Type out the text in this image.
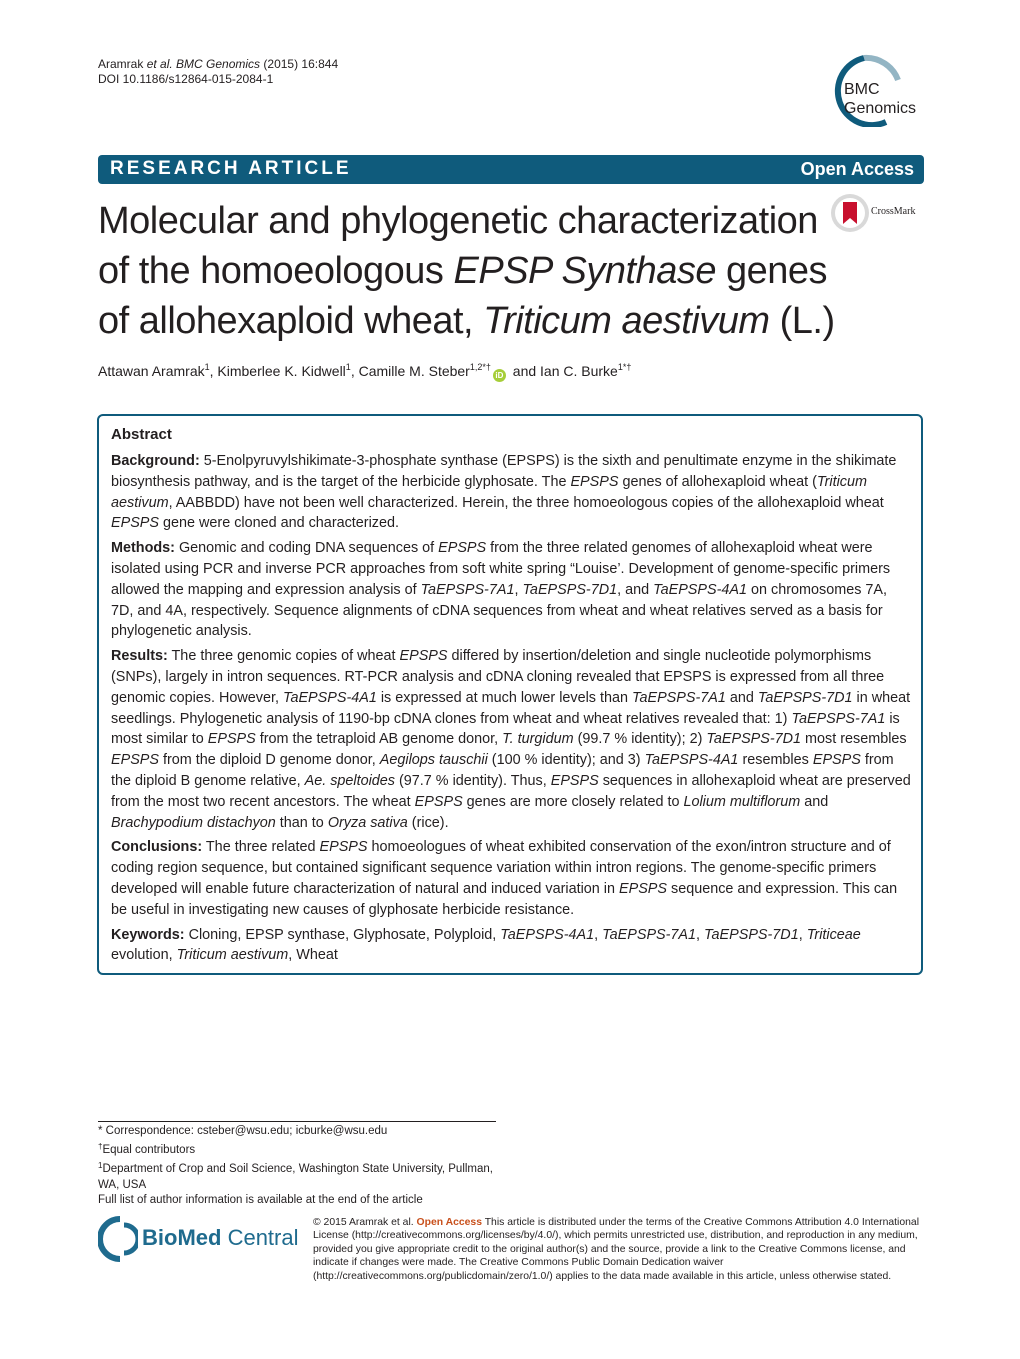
Aramrak et al. BMC Genomics (2015) 16:844
DOI 10.1186/s12864-015-2084-1
BMC
Genomics
RESEARCH ARTICLE	Open Access
Molecular and phylogenetic characterization of the homoeologous EPSP Synthase genes of allohexaploid wheat, Triticum aestivum (L.)
CrossMark
Attawan Aramrak$^1$, Kimberlee K. Kidwell$^1$, Camille M. Steber$^{1,2*\dagger}$iD and Ian C. Burke$^{1*\dagger}$
Abstract

Background: 5-Enolpyruvylshikimate-3-phosphate synthase (EPSPS) is the sixth and penultimate enzyme in the shikimate biosynthesis pathway, and is the target of the herbicide glyphosate. The EPSPS genes of allohexaploid wheat (Triticum aestivum, AABBDD) have not been well characterized. Herein, the three homoeologous copies of the allohexaploid wheat EPSPS gene were cloned and characterized.

Methods: Genomic and coding DNA sequences of EPSPS from the three related genomes of allohexaploid wheat were isolated using PCR and inverse PCR approaches from soft white spring “Louise’. Development of genome-specific primers allowed the mapping and expression analysis of TaEPSPS-7A1, TaEPSPS-7D1, and TaEPSPS-4A1 on chromosomes 7A, 7D, and 4A, respectively. Sequence alignments of cDNA sequences from wheat and wheat relatives served as a basis for phylogenetic analysis.

Results: The three genomic copies of wheat EPSPS differed by insertion/deletion and single nucleotide polymorphisms (SNPs), largely in intron sequences. RT-PCR analysis and cDNA cloning revealed that EPSPS is expressed from all three genomic copies. However, TaEPSPS-4A1 is expressed at much lower levels than TaEPSPS-7A1 and TaEPSPS-7D1 in wheat seedlings. Phylogenetic analysis of 1190-bp cDNA clones from wheat and wheat relatives revealed that: 1) TaEPSPS-7A1 is most similar to EPSPS from the tetraploid AB genome donor, T. turgidum (99.7 % identity); 2) TaEPSPS-7D1 most resembles EPSPS from the diploid D genome donor, Aegilops tauschii (100 % identity); and 3) TaEPSPS-4A1 resembles EPSPS from the diploid B genome relative, Ae. speltoides (97.7 % identity). Thus, EPSPS sequences in allohexaploid wheat are preserved from the most two recent ancestors. The wheat EPSPS genes are more closely related to Lolium multiflorum and Brachypodium distachyon than to Oryza sativa (rice).

Conclusions: The three related EPSPS homoeologues of wheat exhibited conservation of the exon/intron structure and of coding region sequence, but contained significant sequence variation within intron regions. The genome-specific primers developed will enable future characterization of natural and induced variation in EPSPS sequence and expression. This can be useful in investigating new causes of glyphosate herbicide resistance.

Keywords: Cloning, EPSP synthase, Glyphosate, Polyploid, TaEPSPS-4A1, TaEPSPS-7A1, TaEPSPS-7D1, Triticeae evolution, Triticum aestivum, Wheat

* Correspondence: csteber@wsu.edu; icburke@wsu.edu
†Equal contributors
$^1$Department of Crop and Soil Science, Washington State University, Pullman, WA, USA
Full list of author information is available at the end of the article
BioMed Central
© 2015 Aramrak et al. Open Access This article is distributed under the terms of the Creative Commons Attribution 4.0 International License (http://creativecommons.org/licenses/by/4.0/), which permits unrestricted use, distribution, and reproduction in any medium, provided you give appropriate credit to the original author(s) and the source, provide a link to the Creative Commons license, and indicate if changes were made. The Creative Commons Public Domain Dedication waiver (http://creativecommons.org/publicdomain/zero/1.0/) applies to the data made available in this article, unless otherwise stated.
